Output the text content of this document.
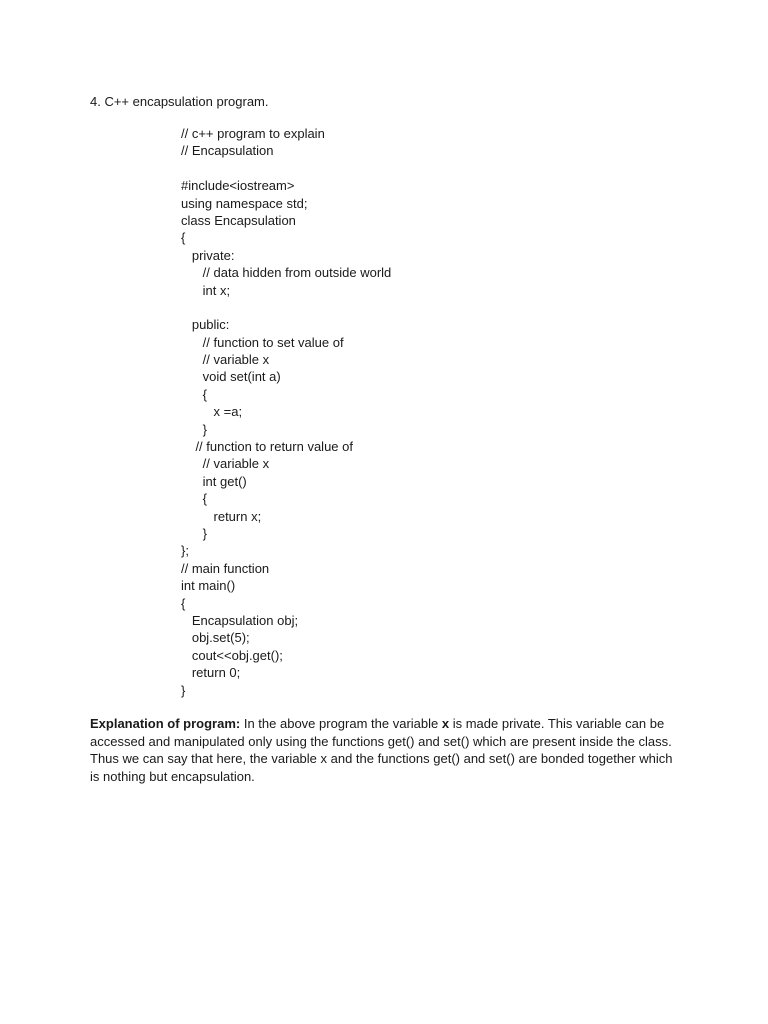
4. C++ encapsulation program.
// c++ program to explain
// Encapsulation
#include<iostream>
using namespace std;
class Encapsulation
{
private:
// data hidden from outside world
int x;
public:
// function to set value of
// variable x
void set(int a)
{
x =a;
}
// function to return value of
// variable x
int get()
{
return x;
}
};
// main function
int main()
{
Encapsulation obj;
obj.set(5);
cout<<obj.get();
return 0;
}

Explanation of program: In the above program the variable x is made private. This variable can be accessed and manipulated only using the functions get() and set() which are present inside the class. Thus we can say that here, the variable x and the functions get() and set() are bonded together which is nothing but encapsulation.
